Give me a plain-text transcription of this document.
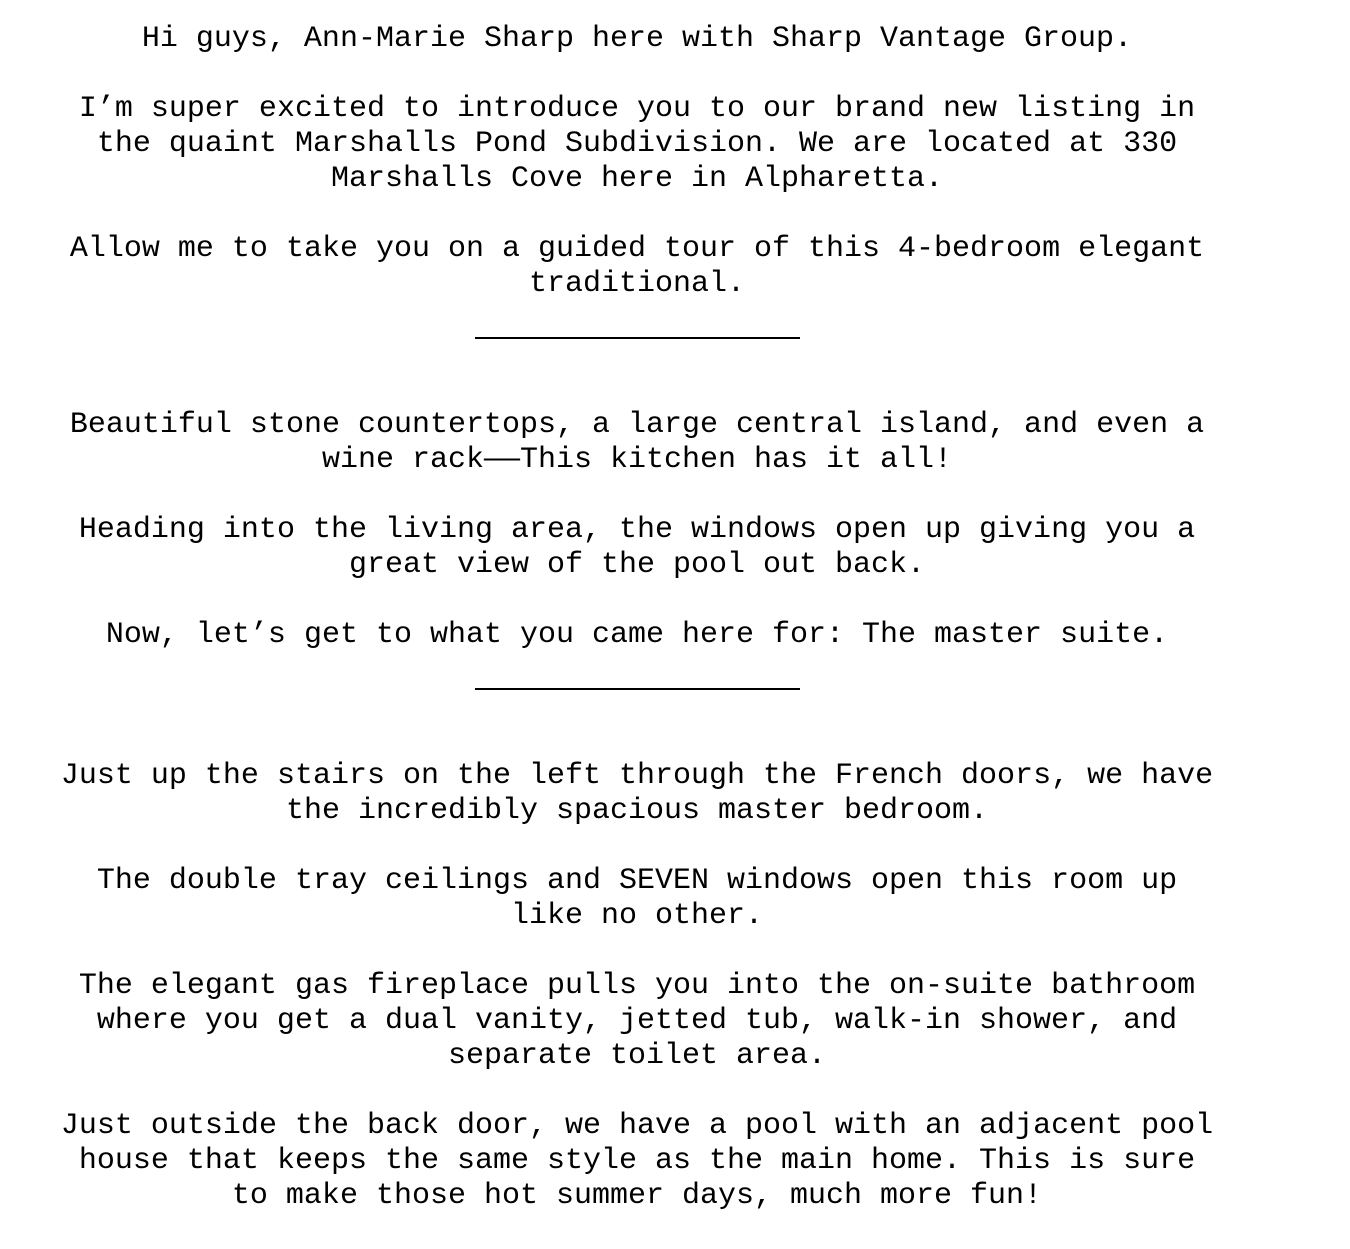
Hi guys, Ann-Marie Sharp here with Sharp Vantage Group.

I’m super excited to introduce you to our brand new listing in
the quaint Marshalls Pond Subdivision. We are located at 330
Marshalls Cove here in Alpharetta.

Allow me to take you on a guided tour of this 4-bedroom elegant
traditional.

Beautiful stone countertops, a large central island, and even a
wine rack——This kitchen has it all!

Heading into the living area, the windows open up giving you a
great view of the pool out back.

Now, let’s get to what you came here for: The master suite.

Just up the stairs on the left through the French doors, we have
the incredibly spacious master bedroom.

The double tray ceilings and SEVEN windows open this room up
like no other.

The elegant gas fireplace pulls you into the on-suite bathroom
where you get a dual vanity, jetted tub, walk-in shower, and
separate toilet area.

Just outside the back door, we have a pool with an adjacent pool
house that keeps the same style as the main home. This is sure
to make those hot summer days, much more fun!
